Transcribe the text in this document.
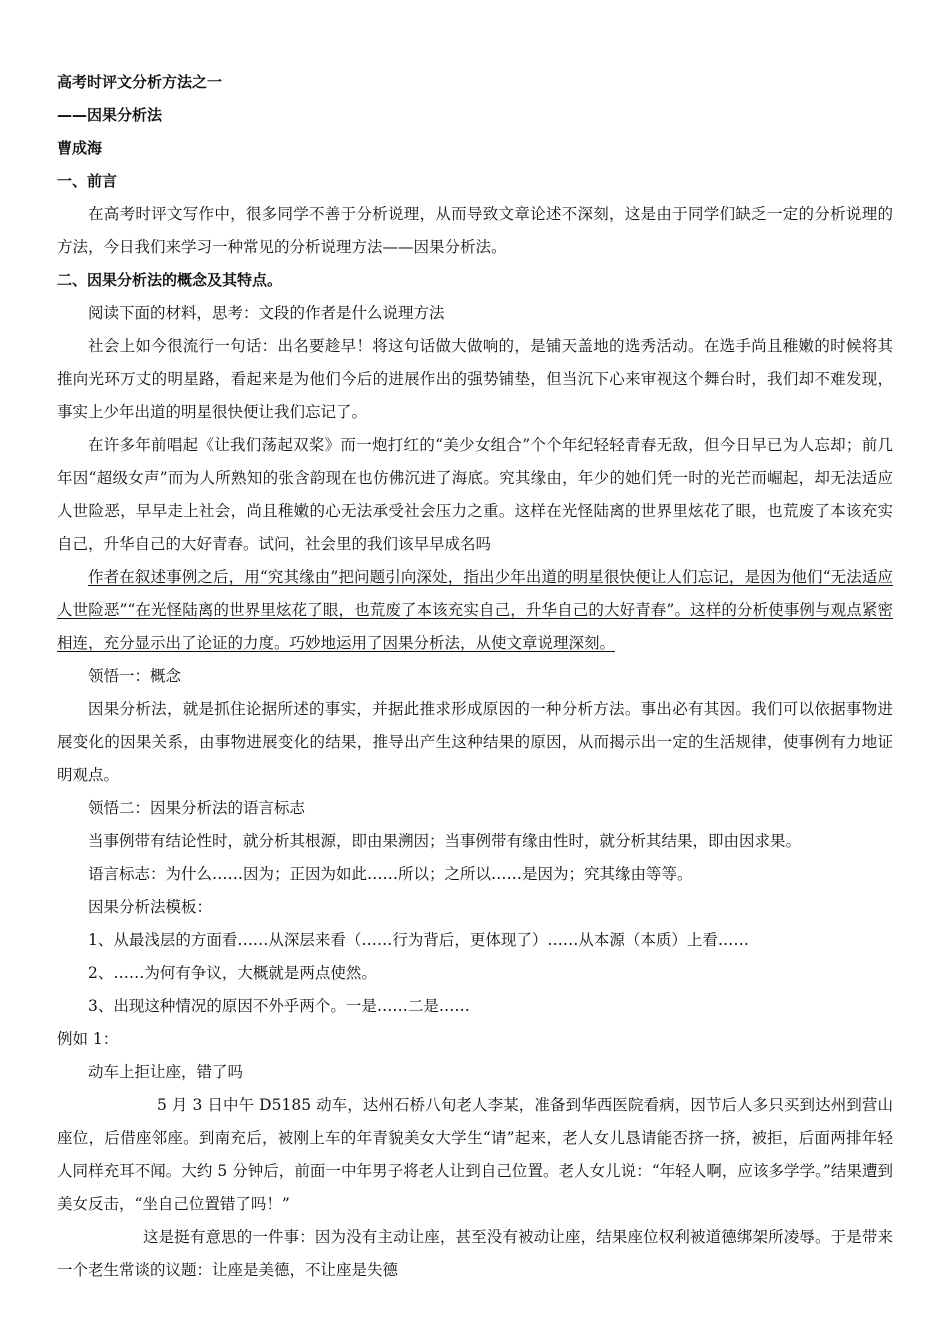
高考时评文分析方法之一
——因果分析法
曹成海
一、前言
在高考时评文写作中，很多同学不善于分析说理，从而导致文章论述不深刻，这是由于同学们缺乏一定的分析说理的方法，今日我们来学习一种常见的分析说理方法——因果分析法。
二、因果分析法的概念及其特点。
阅读下面的材料，思考：文段的作者是什么说理方法
社会上如今很流行一句话：出名要趁早！将这句话做大做响的，是铺天盖地的选秀活动。在选手尚且稚嫩的时候将其推向光环万丈的明星路，看起来是为他们今后的进展作出的强势铺垫，但当沉下心来审视这个舞台时，我们却不难发现，事实上少年出道的明星很快便让我们忘记了。
在许多年前唱起《让我们荡起双桨》而一炮打红的“美少女组合”个个年纪轻轻青春无敌，但今日早已为人忘却；前几年因“超级女声”而为人所熟知的张含韵现在也仿佛沉进了海底。究其缘由，年少的她们凭一时的光芒而崛起，却无法适应人世险恶，早早走上社会，尚且稚嫩的心无法承受社会压力之重。这样在光怪陆离的世界里炫花了眼，也荒废了本该充实自己，升华自己的大好青春。试问，社会里的我们该早早成名吗
作者在叙述事例之后，用“究其缘由”把问题引向深处，指出少年出道的明星很快便让人们忘记，是因为他们“无法适应人世险恶”“在光怪陆离的世界里炫花了眼，也荒废了本该充实自己，升华自己的大好青春”。这样的分析使事例与观点紧密相连，充分显示出了论证的力度。巧妙地运用了因果分析法，从使文章说理深刻。
领悟一：概念
因果分析法，就是抓住论据所述的事实，并据此推求形成原因的一种分析方法。事出必有其因。我们可以依据事物进展变化的因果关系，由事物进展变化的结果，推导出产生这种结果的原因，从而揭示出一定的生活规律，使事例有力地证明观点。
领悟二：因果分析法的语言标志
当事例带有结论性时，就分析其根源，即由果溯因；当事例带有缘由性时，就分析其结果，即由因求果。
语言标志：为什么……因为；正因为如此……所以；之所以……是因为；究其缘由等等。
因果分析法模板：
1、从最浅层的方面看……从深层来看（……行为背后，更体现了）……从本源（本质）上看……
2、……为何有争议，大概就是两点使然。
3、出现这种情况的原因不外乎两个。一是……二是……
例如 1：
动车上拒让座，错了吗
5 月 3 日中午 D5185 动车，达州石桥八旬老人李某，准备到华西医院看病，因节后人多只买到达州到营山座位，后借座邻座。到南充后，被刚上车的年青貌美女大学生“请”起来，老人女儿恳请能否挤一挤，被拒，后面两排年轻人同样充耳不闻。大约 5 分钟后，前面一中年男子将老人让到自己位置。老人女儿说：“年轻人啊，应该多学学。”结果遭到美女反击，“坐自己位置错了吗！”
这是挺有意思的一件事：因为没有主动让座，甚至没有被动让座，结果座位权利被道德绑架所凌辱。于是带来一个老生常谈的议题：让座是美德，不让座是失德
